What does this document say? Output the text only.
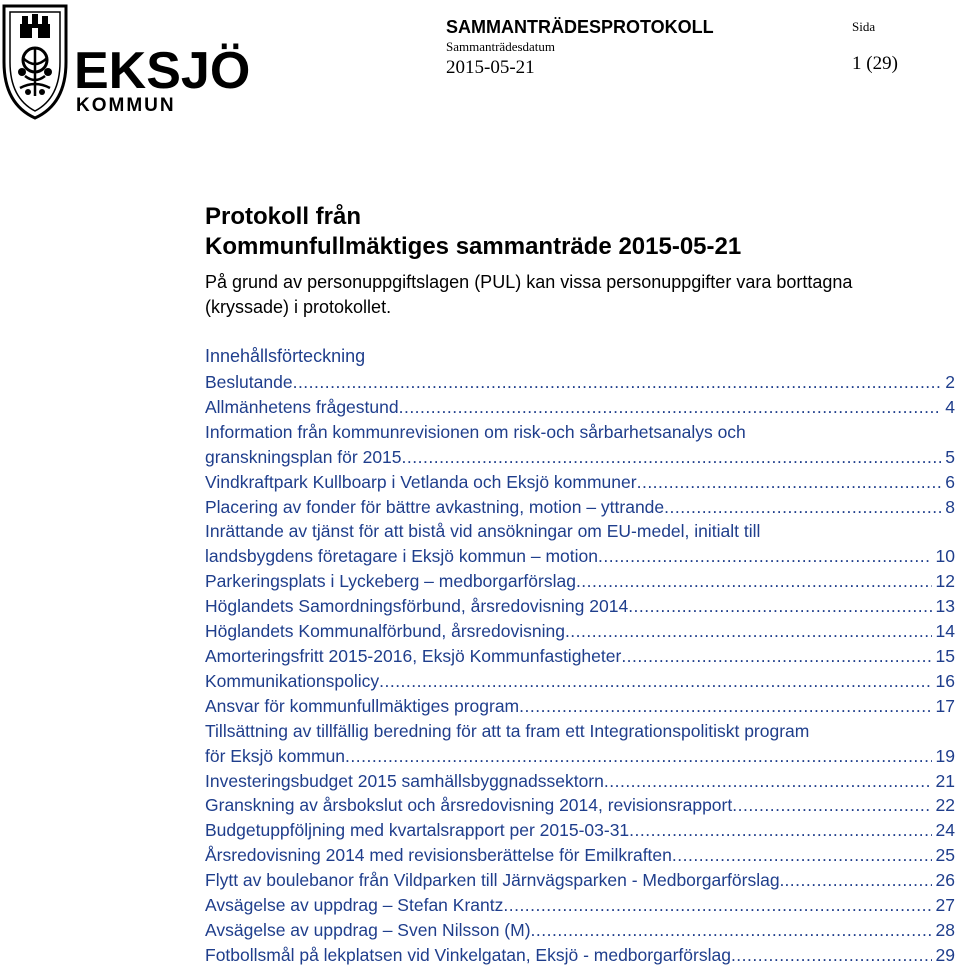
EKSJÖ
KOMMUN
SAMMANTRÄDESPROTOKOLL
Sammanträdesdatum
2015-05-21
Sida
1 (29)
Protokoll från
Kommunfullmäktiges sammanträde 2015-05-21
På grund av personuppgiftslagen (PUL) kan vissa personuppgifter vara borttagna (kryssade) i protokollet.
Innehållsförteckning
Beslutande .....	2
Allmänhetens frågestund .....	4
Information från kommunrevisionen om risk-och sårbarhetsanalys och
granskningsplan för 2015 .....	5
Vindkraftpark Kullboarp i Vetlanda och Eksjö kommuner .....	6
Placering av fonder för bättre avkastning, motion – yttrande .....	8
Inrättande av tjänst för att bistå vid ansökningar om EU-medel, initialt till
landsbygdens företagare i Eksjö kommun – motion .....	10
Parkeringsplats i Lyckeberg – medborgarförslag .....	12
Höglandets Samordningsförbund, årsredovisning 2014 .....	13
Höglandets Kommunalförbund, årsredovisning .....	14
Amorteringsfritt 2015-2016, Eksjö Kommunfastigheter .....	15
Kommunikationspolicy .....	16
Ansvar för kommunfullmäktiges program .....	17
Tillsättning av tillfällig beredning för att ta fram ett Integrationspolitiskt program
för Eksjö kommun .....	19
Investeringsbudget 2015 samhällsbyggnadssektorn .....	21
Granskning av årsbokslut och årsredovisning 2014, revisionsrapport .....	22
Budgetuppföljning med kvartalsrapport per 2015-03-31 .....	24
Årsredovisning 2014 med revisionsberättelse för Emilkraften .....	25
Flytt av boulebanor från Vildparken till Järnvägsparken - Medborgarförslag. .....	26
Avsägelse av uppdrag – Stefan Krantz .....	27
Avsägelse av uppdrag – Sven Nilsson (M) .....	28
Fotbollsmål på lekplatsen vid Vinkelgatan, Eksjö - medborgarförslag .....	29
